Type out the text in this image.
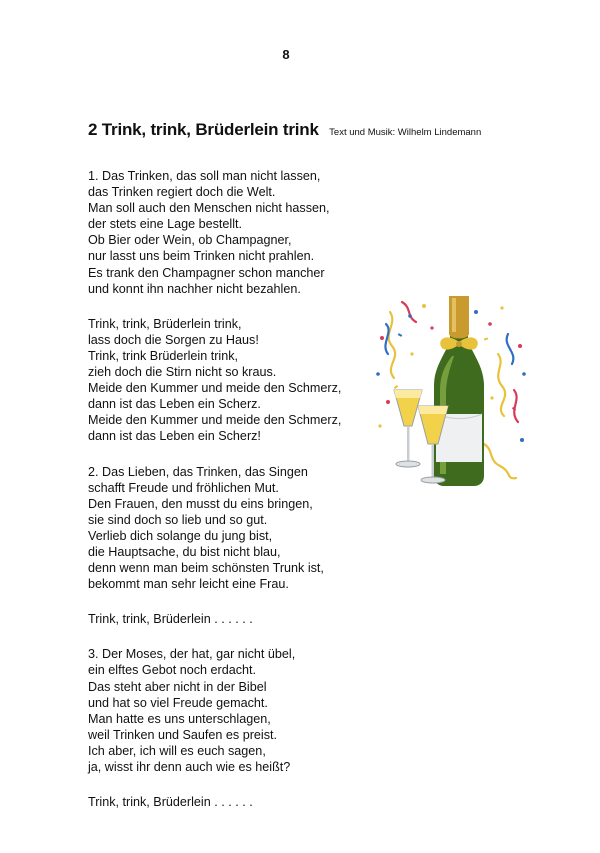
8
2 Trink, trink, Brüderlein trink Text und Musik: Wilhelm Lindemann
1. Das Trinken, das soll man nicht lassen,
das Trinken regiert doch die Welt.
Man soll auch den Menschen nicht hassen,
der stets eine Lage bestellt.
Ob Bier oder Wein, ob Champagner,
nur lasst uns beim Trinken nicht prahlen.
Es trank den Champagner schon mancher
und konnt ihn nachher nicht bezahlen.
Trink, trink, Brüderlein trink,
lass doch die Sorgen zu Haus!
Trink, trink Brüderlein trink,
zieh doch die Stirn nicht so kraus.
Meide den Kummer und meide den Schmerz,
dann ist das Leben ein Scherz.
Meide den Kummer und meide den Schmerz,
dann ist das Leben ein Scherz!
2. Das Lieben, das Trinken, das Singen
schafft Freude und fröhlichen Mut.
Den Frauen, den musst du eins bringen,
sie sind doch so lieb und so gut.
Verlieb dich solange du jung bist,
die Hauptsache, du bist nicht blau,
denn wenn man beim schönsten Trunk ist,
bekommt man sehr leicht eine Frau.
Trink, trink, Brüderlein . . . . . .
3. Der Moses, der hat, gar nicht übel,
ein elftes Gebot noch erdacht.
Das steht aber nicht in der Bibel
und hat so viel Freude gemacht.
Man hatte es uns unterschlagen,
weil Trinken und Saufen es preist.
Ich aber, ich will es euch sagen,
ja, wisst ihr denn auch wie es heißt?
Trink, trink, Brüderlein . . . . . .
